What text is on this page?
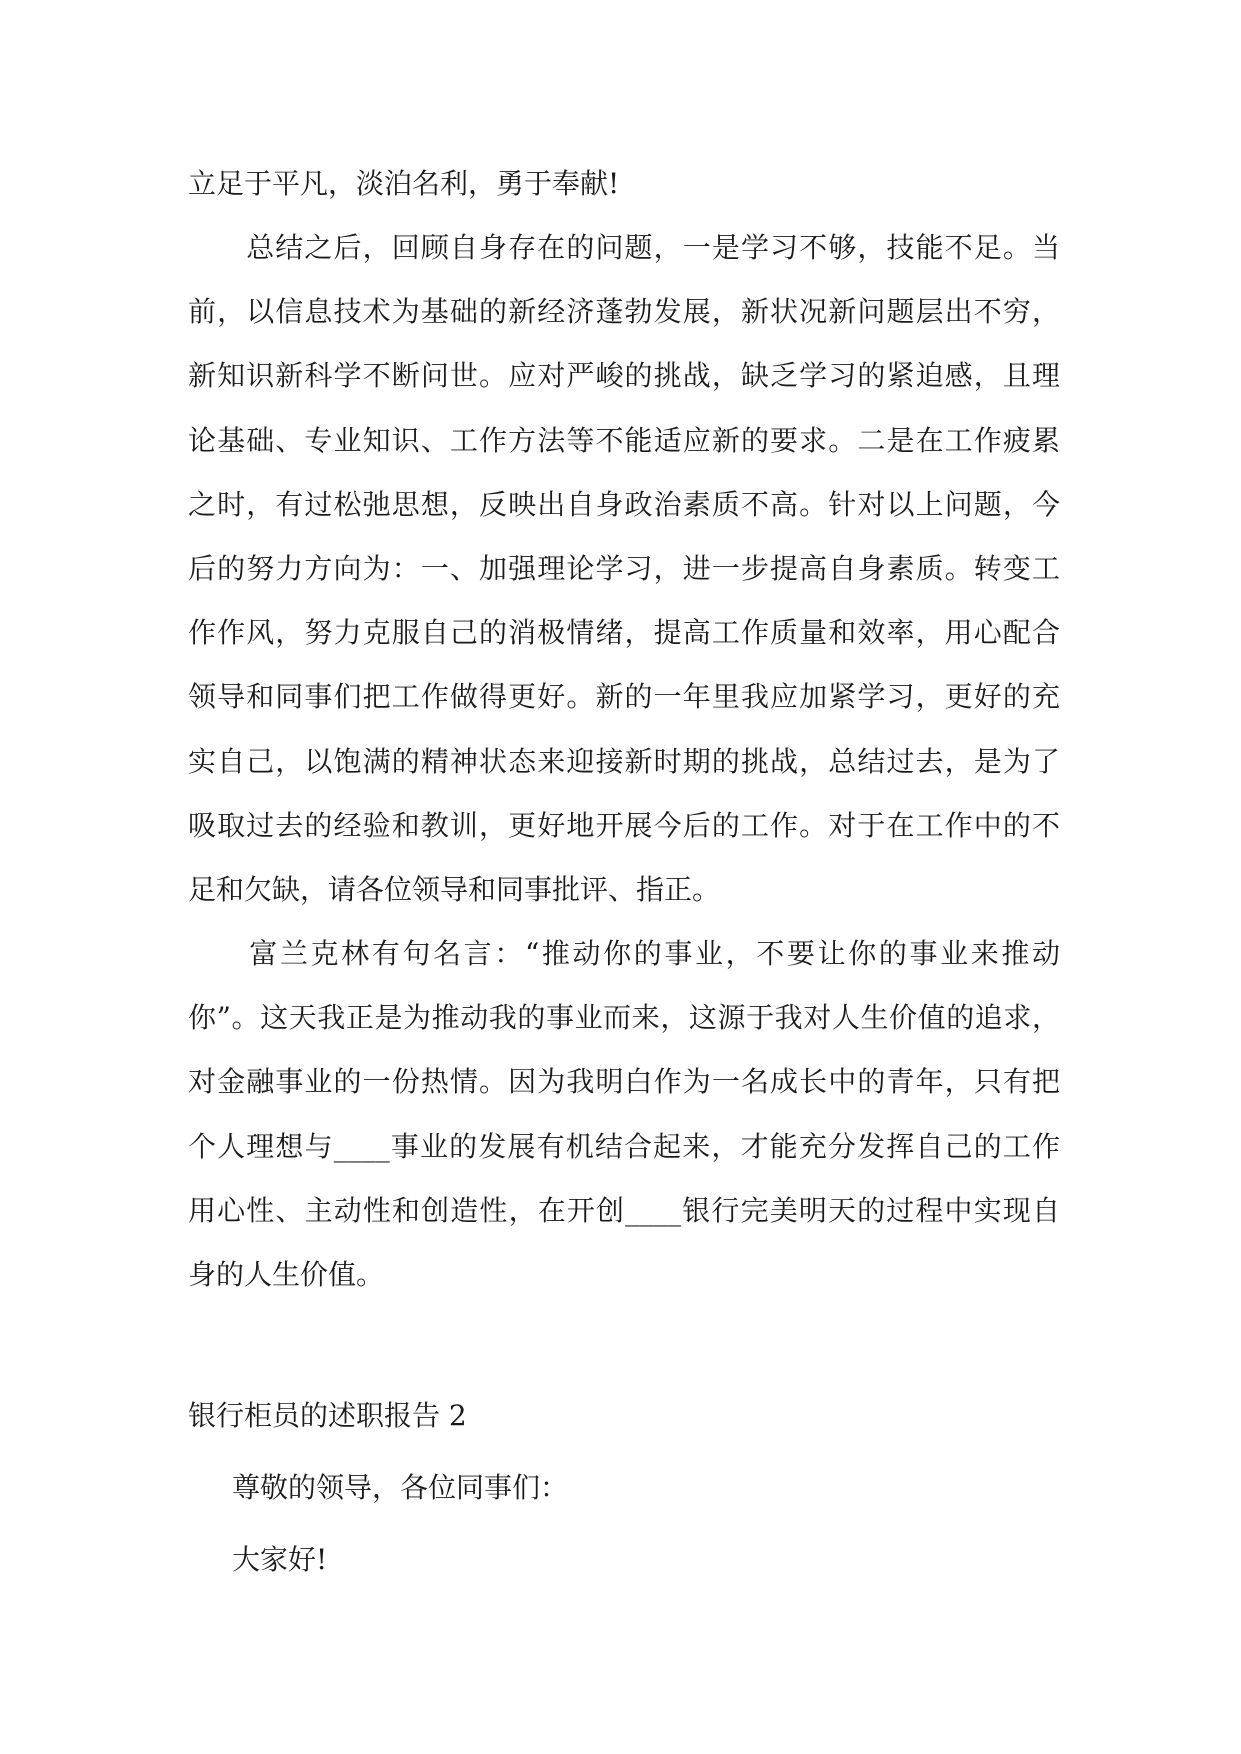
立足于平凡，淡泊名利，勇于奉献!
　　总结之后，回顾自身存在的问题，一是学习不够，技能不足。当
前，以信息技术为基础的新经济蓬勃发展，新状况新问题层出不穷，
新知识新科学不断问世。应对严峻的挑战，缺乏学习的紧迫感，且理
论基础、专业知识、工作方法等不能适应新的要求。二是在工作疲累
之时，有过松弛思想，反映出自身政治素质不高。针对以上问题，今
后的努力方向为：一、加强理论学习，进一步提高自身素质。转变工
作作风，努力克服自己的消极情绪，提高工作质量和效率，用心配合
领导和同事们把工作做得更好。新的一年里我应加紧学习，更好的充
实自己，以饱满的精神状态来迎接新时期的挑战，总结过去，是为了
吸取过去的经验和教训，更好地开展今后的工作。对于在工作中的不
足和欠缺，请各位领导和同事批评、指正。
　　富兰克林有句名言：“推动你的事业，不要让你的事业来推动
你”。这天我正是为推动我的事业而来，这源于我对人生价值的追求，
对金融事业的一份热情。因为我明白作为一名成长中的青年，只有把
个人理想与____事业的发展有机结合起来，才能充分发挥自己的工作
用心性、主动性和创造性，在开创____银行完美明天的过程中实现自
身的人生价值。
银行柜员的述职报告 2

尊敬的领导，各位同事们：

大家好!
